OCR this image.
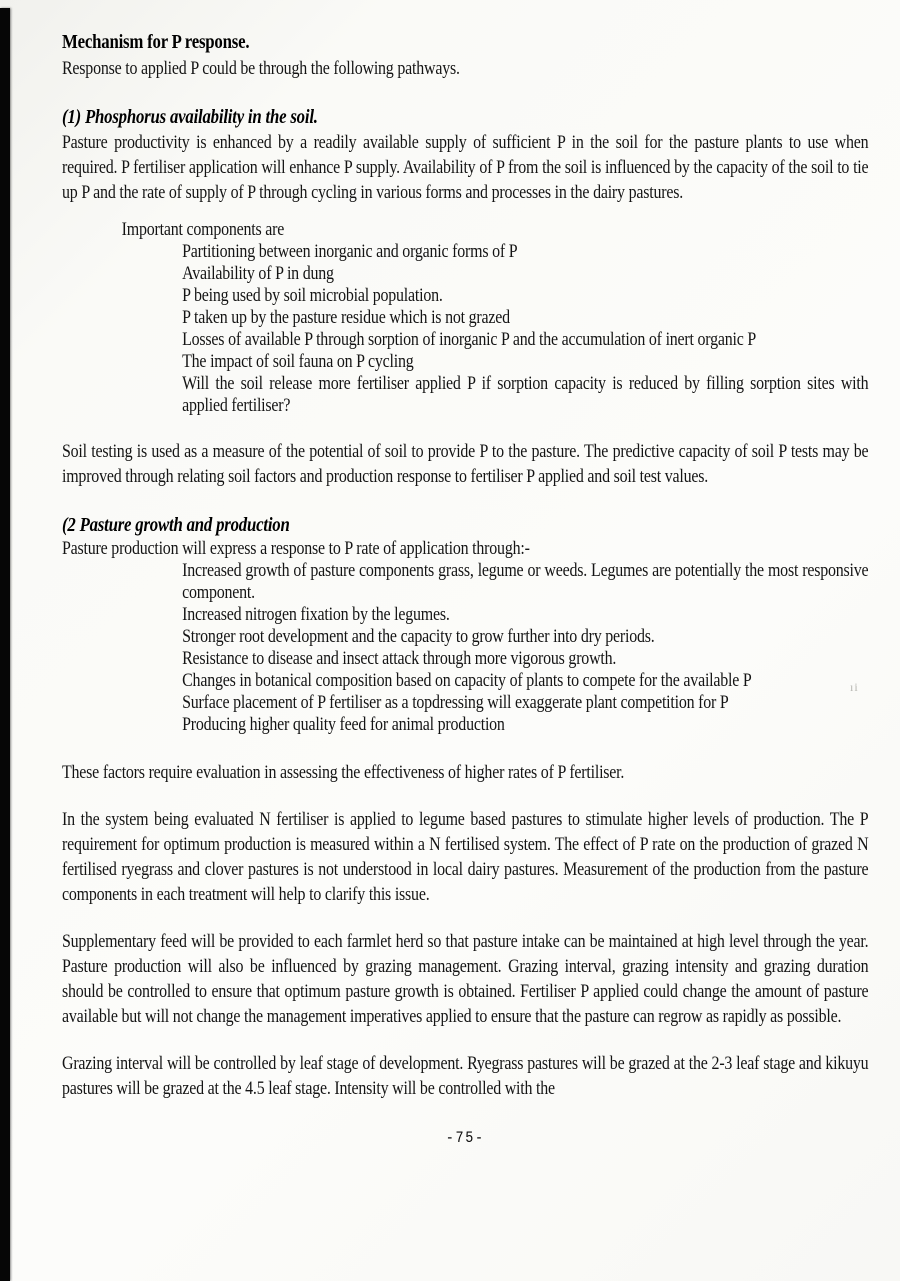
ıi

Mechanism for P response.

Response to applied P could be through the following pathways.

(1) Phosphorus availability in the soil.

Pasture productivity is enhanced by a readily available supply of sufficient P in the soil for the pasture plants to use when required. P fertiliser application will enhance P supply. Availability of P from the soil is influenced by the capacity of the soil to tie up P and the rate of supply of P through cycling in various forms and processes in the dairy pastures.

Important components are

Partitioning between inorganic and organic forms of P

Availability of P in dung

P being used by soil microbial population.

P taken up by the pasture residue which is not grazed

Losses of available P through sorption of inorganic P and the accumulation of inert organic P

The impact of soil fauna on P cycling

Will the soil release more fertiliser applied P if sorption capacity is reduced by filling sorption sites with applied fertiliser?

Soil testing is used as a measure of the potential of soil to provide P to the pasture. The predictive capacity of soil P tests may be improved through relating soil factors and production response to fertiliser P applied and soil test values.

(2 Pasture growth and production

Pasture production will express a response to P rate of application through:-

Increased growth of pasture components grass, legume or weeds. Legumes are potentially the most responsive component.

Increased nitrogen fixation by the legumes.

Stronger root development and the capacity to grow further into dry periods.

Resistance to disease and insect attack through more vigorous growth.

Changes in botanical composition based on capacity of plants to compete for the available P

Surface placement of P fertiliser as a topdressing will exaggerate plant competition for P

Producing higher quality feed for animal production

These factors require evaluation in assessing the effectiveness of higher rates of P fertiliser.

In the system being evaluated N fertiliser is applied to legume based pastures to stimulate higher levels of production. The P requirement for optimum production is measured within a N fertilised system. The effect of P rate on the production of grazed N fertilised ryegrass and clover pastures is not understood in local dairy pastures. Measurement of the production from the pasture components in each treatment will help to clarify this issue.

Supplementary feed will be provided to each farmlet herd so that pasture intake can be maintained at high level through the year. Pasture production will also be influenced by grazing management. Grazing interval, grazing intensity and grazing duration should be controlled to ensure that optimum pasture growth is obtained. Fertiliser P applied could change the amount of pasture available but will not change the management imperatives applied to ensure that the pasture can regrow as rapidly as possible.

Grazing interval will be controlled by leaf stage of development. Ryegrass pastures will be grazed at the 2-3 leaf stage and kikuyu pastures will be grazed at the 4.5 leaf stage. Intensity will be controlled with the

-75-
